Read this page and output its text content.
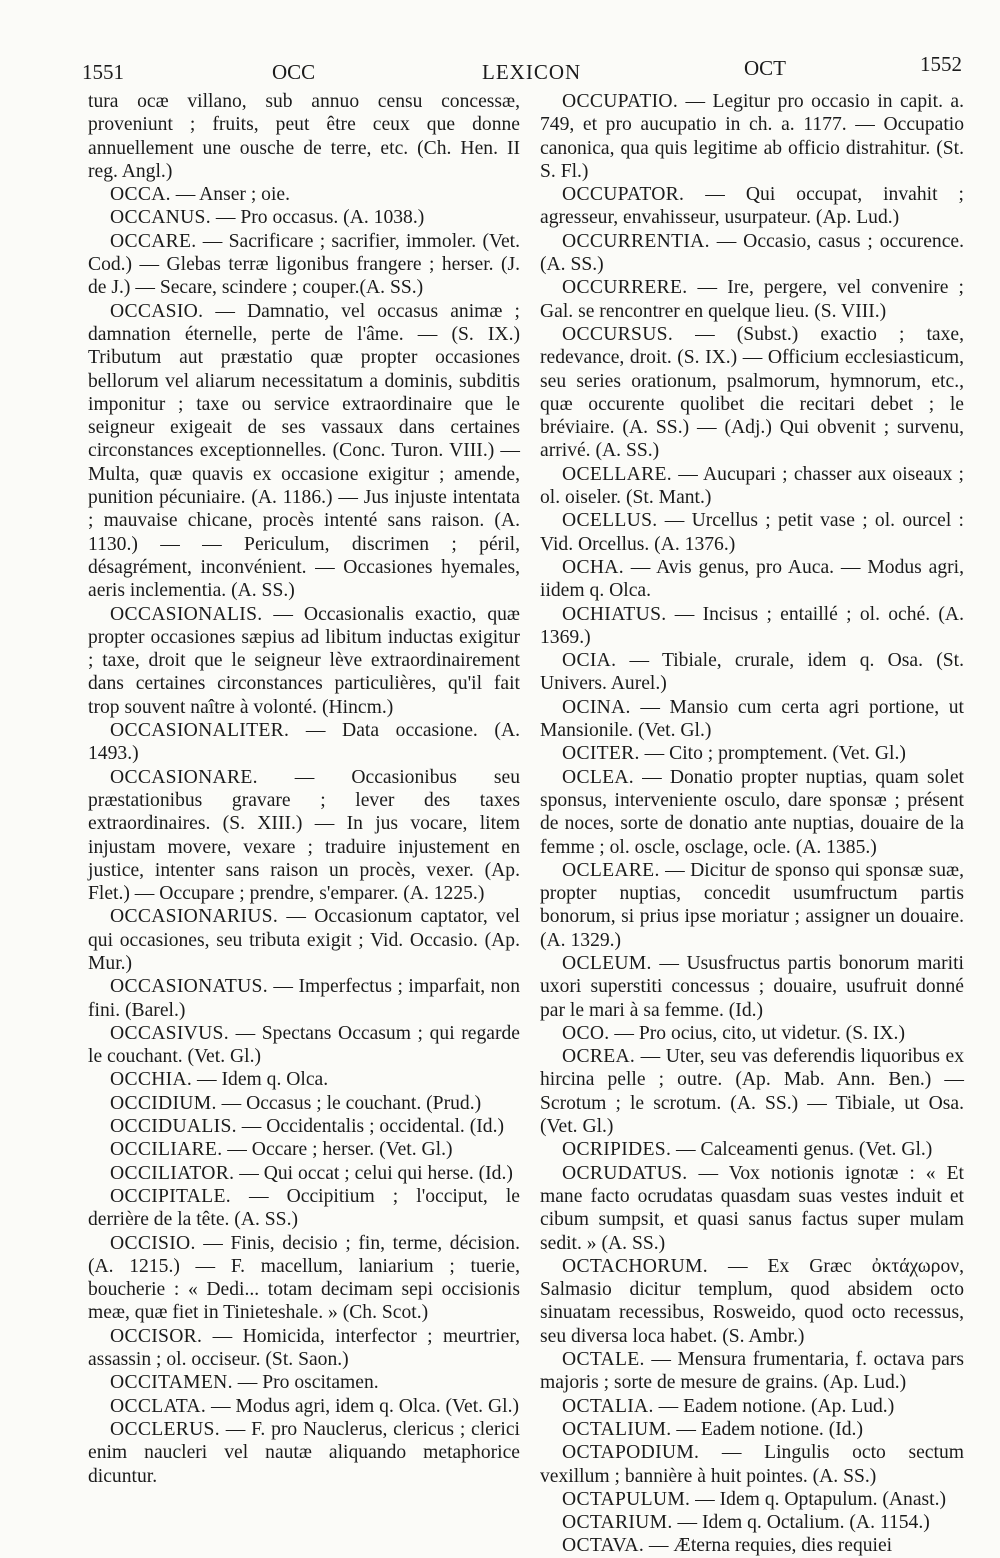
1551	OCC	LEXICON	OCT	1552

tura ocæ villano, sub annuo censu concessæ, proveniunt ; fruits, peut être ceux que donne annuellement une ousche de terre, etc. (Ch. Hen. II reg. Angl.)

OCCA. — Anser ; oie.

OCCANUS. — Pro occasus. (A. 1038.)

OCCARE. — Sacrificare ; sacrifier, immoler. (Vet. Cod.) — Glebas terræ ligonibus frangere ; herser. (J. de J.) — Secare, scindere ; couper.(A. SS.)

OCCASIO. — Damnatio, vel occasus animæ ; damnation éternelle, perte de l'âme. — (S. IX.) Tributum aut præstatio quæ propter occasiones bellorum vel aliarum necessitatum a dominis, subditis imponitur ; taxe ou service extraordinaire que le seigneur exigeait de ses vassaux dans certaines circonstances exceptionnelles. (Conc. Turon. VIII.) — Multa, quæ quavis ex occasione exigitur ; amende, punition pécuniaire. (A. 1186.) — Jus injuste intentata ; mauvaise chicane, procès intenté sans raison. (A. 1130.) — — Periculum, discrimen ; péril, désagrément, inconvénient. — Occasiones hyemales, aeris inclementia. (A. SS.)

OCCASIONALIS. — Occasionalis exactio, quæ propter occasiones sæpius ad libitum inductas exigitur ; taxe, droit que le seigneur lève extraordinairement dans certaines circonstances particulières, qu'il fait trop souvent naître à volonté. (Hincm.)

OCCASIONALITER. — Data occasione. (A. 1493.)

OCCASIONARE. — Occasionibus seu præstationibus gravare ; lever des taxes extraordinaires. (S. XIII.) — In jus vocare, litem injustam movere, vexare ; traduire injustement en justice, intenter sans raison un procès, vexer. (Ap. Flet.) — Occupare ; prendre, s'emparer. (A. 1225.)

OCCASIONARIUS. — Occasionum captator, vel qui occasiones, seu tributa exigit ; Vid. Occasio. (Ap. Mur.)

OCCASIONATUS. — Imperfectus ; imparfait, non fini. (Barel.)

OCCASIVUS. — Spectans Occasum ; qui regarde le couchant. (Vet. Gl.)

OCCHIA. — Idem q. Olca.

OCCIDIUM. — Occasus ; le couchant. (Prud.)

OCCIDUALIS. — Occidentalis ; occidental. (Id.)

OCCILIARE. — Occare ; herser. (Vet. Gl.)

OCCILIATOR. — Qui occat ; celui qui herse. (Id.)

OCCIPITALE. — Occipitium ; l'occiput, le derrière de la tête. (A. SS.)

OCCISIO. — Finis, decisio ; fin, terme, décision. (A. 1215.) — F. macellum, laniarium ; tuerie, boucherie : « Dedi... totam decimam sepi occisionis meæ, quæ fiet in Tinieteshale. » (Ch. Scot.)

OCCISOR. — Homicida, interfector ; meurtrier, assassin ; ol. occiseur. (St. Saon.)

OCCITAMEN. — Pro oscitamen.

OCCLATA. — Modus agri, idem q. Olca. (Vet. Gl.)

OCCLERUS. — F. pro Nauclerus, clericus ; clerici enim naucleri vel nautæ aliquando metaphorice dicuntur.

OCCUPATIO. — Legitur pro occasio in capit. a. 749, et pro aucupatio in ch. a. 1177. — Occupatio canonica, qua quis legitime ab officio distrahitur. (St. S. Fl.)

OCCUPATOR. — Qui occupat, invahit ; agresseur, envahisseur, usurpateur. (Ap. Lud.)

OCCURRENTIA. — Occasio, casus ; occurence. (A. SS.)

OCCURRERE. — Ire, pergere, vel convenire ; Gal. se rencontrer en quelque lieu. (S. VIII.)

OCCURSUS. — (Subst.) exactio ; taxe, redevance, droit. (S. IX.) — Officium ecclesiasticum, seu series orationum, psalmorum, hymnorum, etc., quæ occurente quolibet die recitari debet ; le bréviaire. (A. SS.) — (Adj.) Qui obvenit ; survenu, arrivé. (A. SS.)

OCELLARE. — Aucupari ; chasser aux oiseaux ; ol. oiseler. (St. Mant.)

OCELLUS. — Urcellus ; petit vase ; ol. ourcel : Vid. Orcellus. (A. 1376.)

OCHA. — Avis genus, pro Auca. — Modus agri, iidem q. Olca.

OCHIATUS. — Incisus ; entaillé ; ol. oché. (A. 1369.)

OCIA. — Tibiale, crurale, idem q. Osa. (St. Univers. Aurel.)

OCINA. — Mansio cum certa agri portione, ut Mansionile. (Vet. Gl.)

OCITER. — Cito ; promptement. (Vet. Gl.)

OCLEA. — Donatio propter nuptias, quam solet sponsus, interveniente osculo, dare sponsæ ; présent de noces, sorte de donatio ante nuptias, douaire de la femme ; ol. oscle, osclage, ocle. (A. 1385.)

OCLEARE. — Dicitur de sponso qui sponsæ suæ, propter nuptias, concedit usumfructum partis bonorum, si prius ipse moriatur ; assigner un douaire. (A. 1329.)

OCLEUM. — Ususfructus partis bonorum mariti uxori superstiti concessus ; douaire, usufruit donné par le mari à sa femme. (Id.)

OCO. — Pro ocius, cito, ut videtur. (S. IX.)

OCREA. — Uter, seu vas deferendis liquoribus ex hircina pelle ; outre. (Ap. Mab. Ann. Ben.) — Scrotum ; le scrotum. (A. SS.) — Tibiale, ut Osa. (Vet. Gl.)

OCRIPIDES. — Calceamenti genus. (Vet. Gl.)

OCRUDATUS. — Vox notionis ignotæ : « Et mane facto ocrudatas quasdam suas vestes induit et cibum sumpsit, et quasi sanus factus super mulam sedit. » (A. SS.)

OCTACHORUM. — Ex Græc ὀκτάχωρον, Salmasio dicitur templum, quod absidem octo sinuatam recessibus, Rosweido, quod octo recessus, seu diversa loca habet. (S. Ambr.)

OCTALE. — Mensura frumentaria, f. octava pars majoris ; sorte de mesure de grains. (Ap. Lud.)

OCTALIA. — Eadem notione. (Ap. Lud.)

OCTALIUM. — Eadem notione. (Id.)

OCTAPODIUM. — Lingulis octo sectum vexillum ; bannière à huit pointes. (A. SS.)

OCTAPULUM. — Idem q. Optapulum. (Anast.)

OCTARIUM. — Idem q. Octalium. (A. 1154.)

OCTAVA. — Æterna requies, dies requiei
